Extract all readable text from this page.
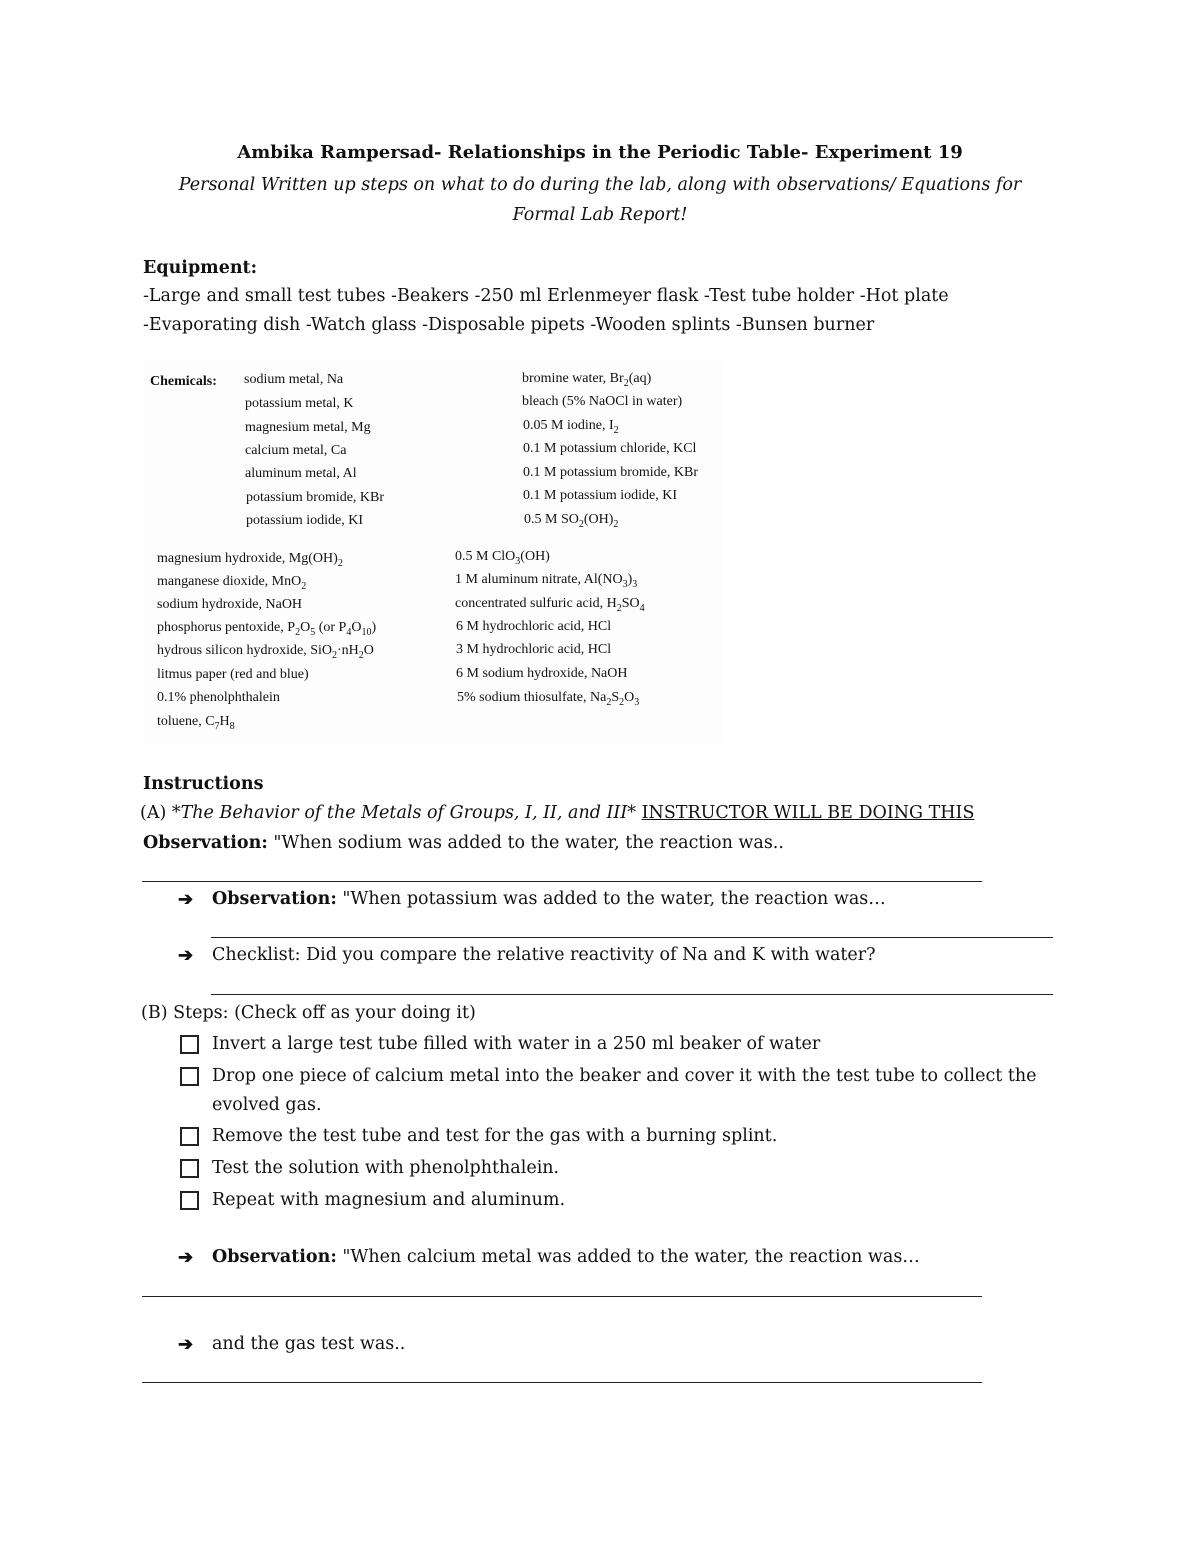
Ambika Rampersad- Relationships in the Periodic Table- Experiment 19
Personal Written up steps on what to do during the lab, along with observations/ Equations for Formal Lab Report!
Equipment:
-Large and small test tubes -Beakers -250 ml Erlenmeyer flask -Test tube holder -Hot plate
-Evaporating dish -Watch glass -Disposable pipets -Wooden splints -Bunsen burner
Chemicals: sodium metal, Na
potassium metal, K
magnesium metal, Mg
calcium metal, Ca
aluminum metal, Al
potassium bromide, KBr
potassium iodide, KI
bromine water, $Br_2(aq)$
bleach (5% NaOCl in water)
0.05 M iodine, $I_2$
0.1 M potassium chloride, KCl
0.1 M potassium bromide, KBr
0.1 M potassium iodide, KI
0.5 M $SO_2(OH)_2$
magnesium hydroxide, $Mg(OH)_2$
manganese dioxide, MnO$_2$
sodium hydroxide, NaOH
phosphorus pentoxide, $P_2O_5$ (or $P_4O_{10}$)
hydrous silicon hydroxide, $SiO_2\cdot nH_2O$
litmus paper (red and blue)
0.1% phenolphthalein
toluene, $C_7H_8$
0.5 M ClO$_3$(OH)
1 M aluminum nitrate, $Al(NO_3)_3$
concentrated sulfuric acid, $H_2SO_4$
6 M hydrochloric acid, HCl
3 M hydrochloric acid, HCl
6 M sodium hydroxide, NaOH
5% sodium thiosulfate, $Na_2S_2O_3$
Instructions
(A) *The Behavior of the Metals of Groups, I, II, and III* INSTRUCTOR WILL BE DOING THIS
Observation: "When sodium was added to the water, the reaction was..
➔ Observation: "When potassium was added to the water, the reaction was…
➔ Checklist: Did you compare the relative reactivity of Na and K with water?
(B) Steps: (Check off as your doing it)
Invert a large test tube filled with water in a 250 ml beaker of water
Drop one piece of calcium metal into the beaker and cover it with the test tube to collect the
evolved gas.
Remove the test tube and test for the gas with a burning splint.
Test the solution with phenolphthalein.
Repeat with magnesium and aluminum.
➔ Observation: "When calcium metal was added to the water, the reaction was…
➔ and the gas test was..
